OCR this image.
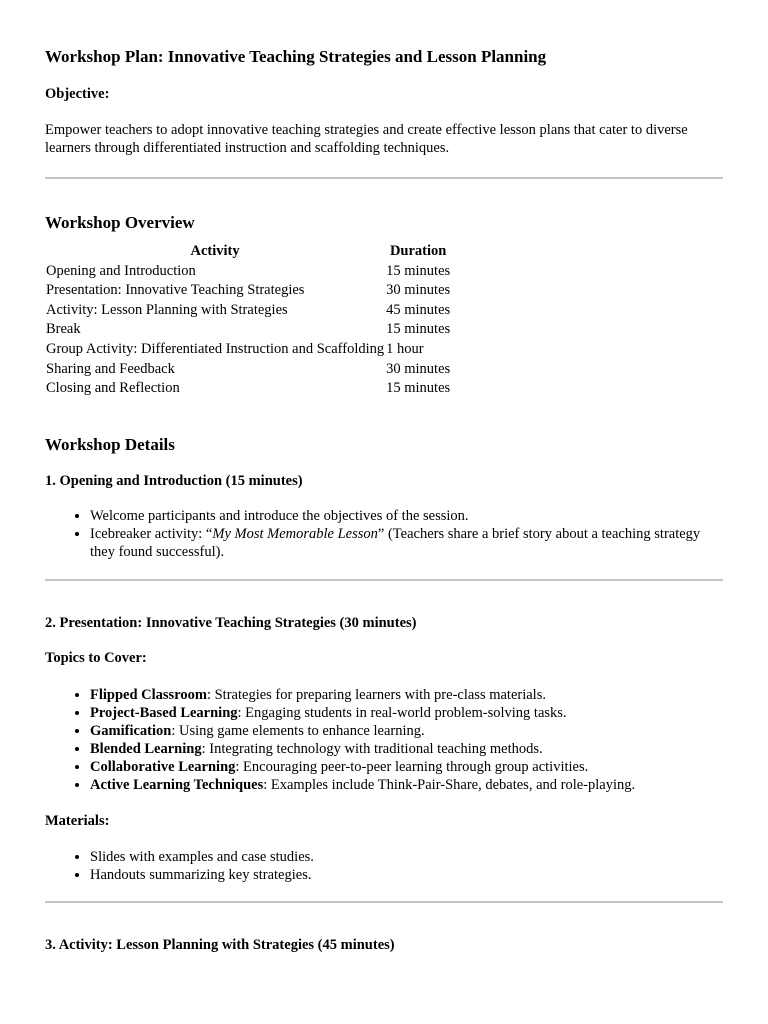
Workshop Plan: Innovative Teaching Strategies and Lesson Planning
Objective:

Empower teachers to adopt innovative teaching strategies and create effective lesson plans that cater to diverse learners through differentiated instruction and scaffolding techniques.

Workshop Overview
Activity	Duration
Opening and Introduction	15 minutes
Presentation: Innovative Teaching Strategies	30 minutes
Activity: Lesson Planning with Strategies	45 minutes
Break	15 minutes
Group Activity: Differentiated Instruction and Scaffolding	1 hour
Sharing and Feedback	30 minutes
Closing and Reflection	15 minutes
Workshop Details
1. Opening and Introduction (15 minutes)
• Welcome participants and introduce the objectives of the session.
• Icebreaker activity: “My Most Memorable Lesson” (Teachers share a brief story about a teaching strategy they found successful).
2. Presentation: Innovative Teaching Strategies (30 minutes)
Topics to Cover:
• Flipped Classroom: Strategies for preparing learners with pre-class materials.
• Project-Based Learning: Engaging students in real-world problem-solving tasks.
• Gamification: Using game elements to enhance learning.
• Blended Learning: Integrating technology with traditional teaching methods.
• Collaborative Learning: Encouraging peer-to-peer learning through group activities.
• Active Learning Techniques: Examples include Think-Pair-Share, debates, and role-playing.
Materials:
• Slides with examples and case studies.
• Handouts summarizing key strategies.
3. Activity: Lesson Planning with Strategies (45 minutes)
